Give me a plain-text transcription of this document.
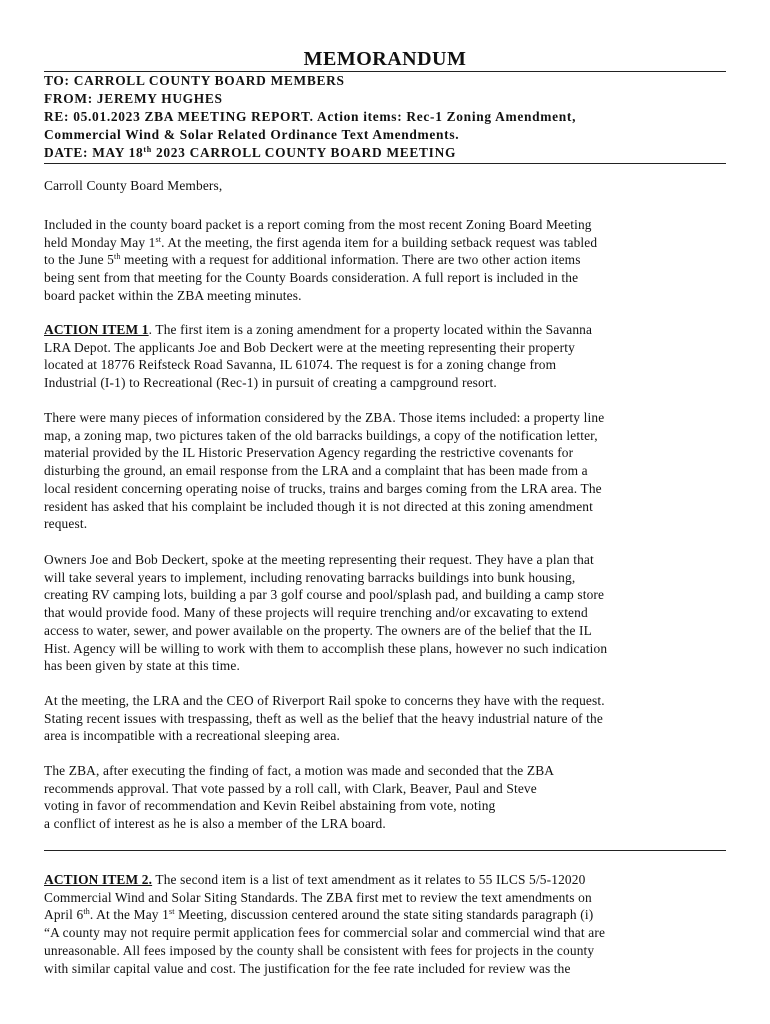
MEMORANDUM
TO: CARROLL COUNTY BOARD MEMBERS
FROM: JEREMY HUGHES
RE: 05.01.2023 ZBA MEETING REPORT. Action items: Rec-1 Zoning Amendment,
Commercial Wind & Solar Related Ordinance Text Amendments.
DATE: MAY 18th 2023 CARROLL COUNTY BOARD MEETING
Carroll County Board Members,
Included in the county board packet is a report coming from the most recent Zoning Board Meeting
held Monday May 1st. At the meeting, the first agenda item for a building setback request was tabled
to the June 5th meeting with a request for additional information. There are two other action items
being sent from that meeting for the County Boards consideration. A full report is included in the
board packet within the ZBA meeting minutes.
ACTION ITEM 1. The first item is a zoning amendment for a property located within the Savanna
LRA Depot. The applicants Joe and Bob Deckert were at the meeting representing their property
located at 18776 Reifsteck Road Savanna, IL 61074. The request is for a zoning change from
Industrial (I-1) to Recreational (Rec-1) in pursuit of creating a campground resort.
There were many pieces of information considered by the ZBA. Those items included: a property line
map, a zoning map, two pictures taken of the old barracks buildings, a copy of the notification letter,
material provided by the IL Historic Preservation Agency regarding the restrictive covenants for
disturbing the ground, an email response from the LRA and a complaint that has been made from a
local resident concerning operating noise of trucks, trains and barges coming from the LRA area. The
resident has asked that his complaint be included though it is not directed at this zoning amendment
request.
Owners Joe and Bob Deckert, spoke at the meeting representing their request. They have a plan that
will take several years to implement, including renovating barracks buildings into bunk housing,
creating RV camping lots, building a par 3 golf course and pool/splash pad, and building a camp store
that would provide food. Many of these projects will require trenching and/or excavating to extend
access to water, sewer, and power available on the property. The owners are of the belief that the IL
Hist. Agency will be willing to work with them to accomplish these plans, however no such indication
has been given by state at this time.
At the meeting, the LRA and the CEO of Riverport Rail spoke to concerns they have with the request.
Stating recent issues with trespassing, theft as well as the belief that the heavy industrial nature of the
area is incompatible with a recreational sleeping area.
The ZBA, after executing the finding of fact, a motion was made and seconded that the ZBA
recommends approval. That vote passed by a roll call, with Clark, Beaver, Paul and Steve
voting in favor of recommendation and Kevin Reibel abstaining from vote, noting
a conflict of interest as he is also a member of the LRA board.
ACTION ITEM 2. The second item is a list of text amendment as it relates to 55 ILCS 5/5-12020
Commercial Wind and Solar Siting Standards. The ZBA first met to review the text amendments on
April 6th. At the May 1st Meeting, discussion centered around the state siting standards paragraph (i)
“A county may not require permit application fees for commercial solar and commercial wind that are
unreasonable. All fees imposed by the county shall be consistent with fees for projects in the county
with similar capital value and cost. The justification for the fee rate included for review was the
